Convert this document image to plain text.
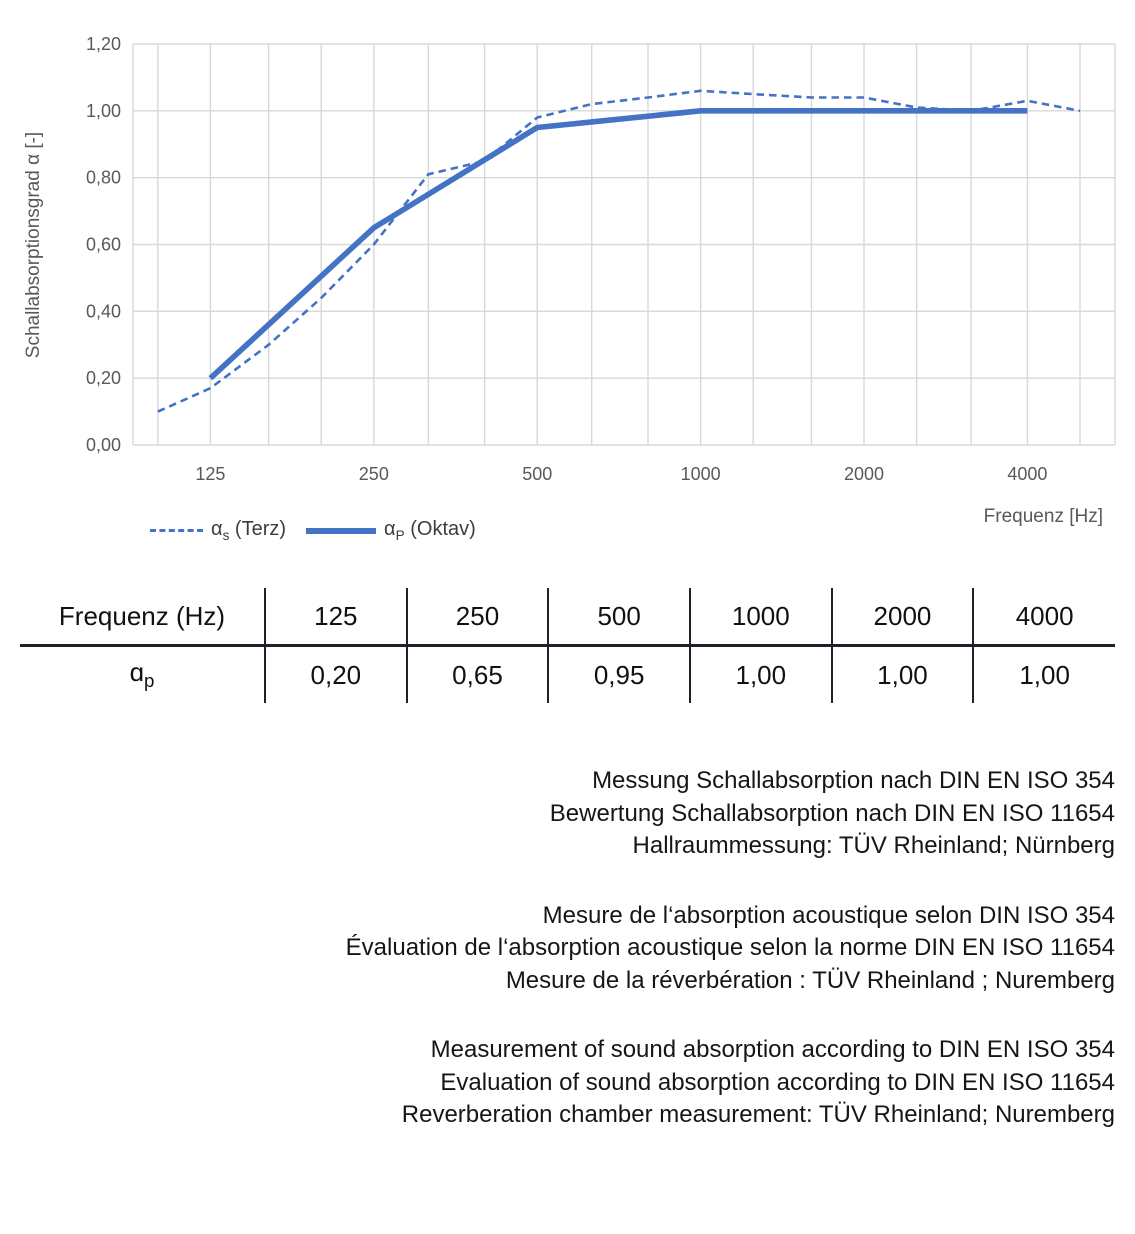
0,00
0,20
0,40
0,60
0,80
1,00
1,20
125	250	500	1000	2000	4000
Schallabsorptionsgrad α [-]
Frequenz [Hz]
$\alpha_s$ (Terz)	$\alpha_P$ (Oktav)
Frequenz (Hz)	125	250	500	1000	2000	4000
ɑ$_p$	0,20	0,65	0,95	1,00	1,00	1,00
Messung Schallabsorption nach DIN EN ISO 354
Bewertung Schallabsorption nach DIN EN ISO 11654
Hallraummessung: TÜV Rheinland; Nürnberg
Mesure de l‘absorption acoustique selon DIN ISO 354
Évaluation de l‘absorption acoustique selon la norme DIN EN ISO 11654
Mesure de la réverbération : TÜV Rheinland ; Nuremberg
Measurement of sound absorption according to DIN EN ISO 354
Evaluation of sound absorption according to DIN EN ISO 11654
Reverberation chamber measurement: TÜV Rheinland; Nuremberg
